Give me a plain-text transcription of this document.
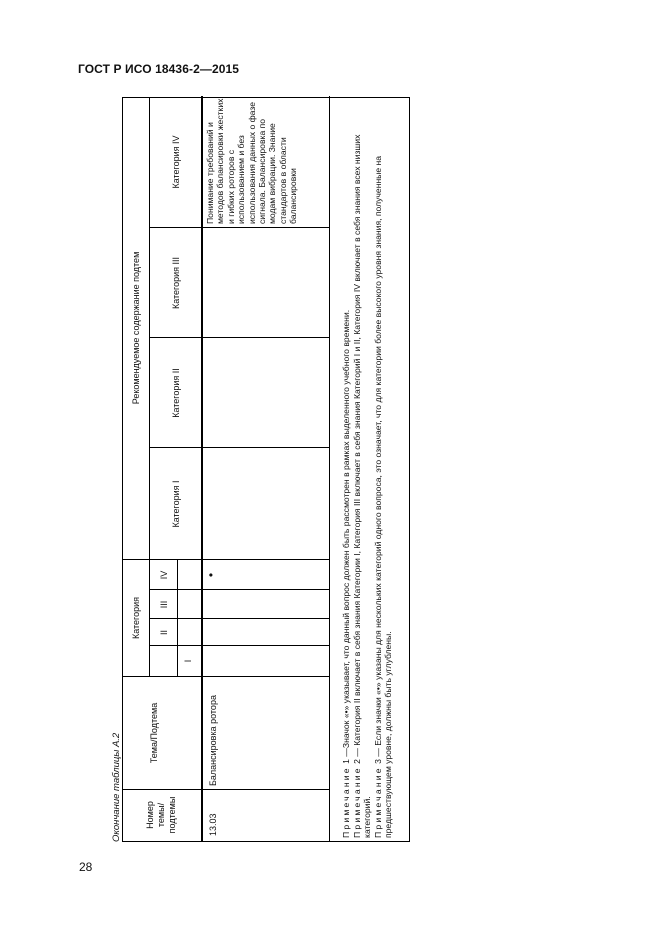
ГОСТ Р ИСО 18436-2—2015
Окончание таблицы А.2	Номер темы/ подтемы
Тема/Подтема
Категория
I
II
III
IV
Рекомендуемое содержание подтем
Категория I
Категория II
Категория III
Категория IV
13.03
Балансировка ротора
•
Понимание требований и методов балансировки жестких и гибких роторов с использованием и без использования данных о фазе сигнала. Балансировка по модам вибрации. Знание стандартов в области балансировки

Примечание 1 —Значок «•» указывает, что данный вопрос должен быть рассмотрен в рамках выделенного учебного времени.

Примечание 2 — Категория II включает в себя знания Категории I, Категория III включает в себя знания Категорий I и II, Категория IV включает в себя знания всех низших категорий. Примечание 3 — Если значки «•» указаны для нескольких категорий одного вопроса, это означает, что для категории более высокого уровня знания, полученные на предшествующем уровне, должны быть углублены.

28
